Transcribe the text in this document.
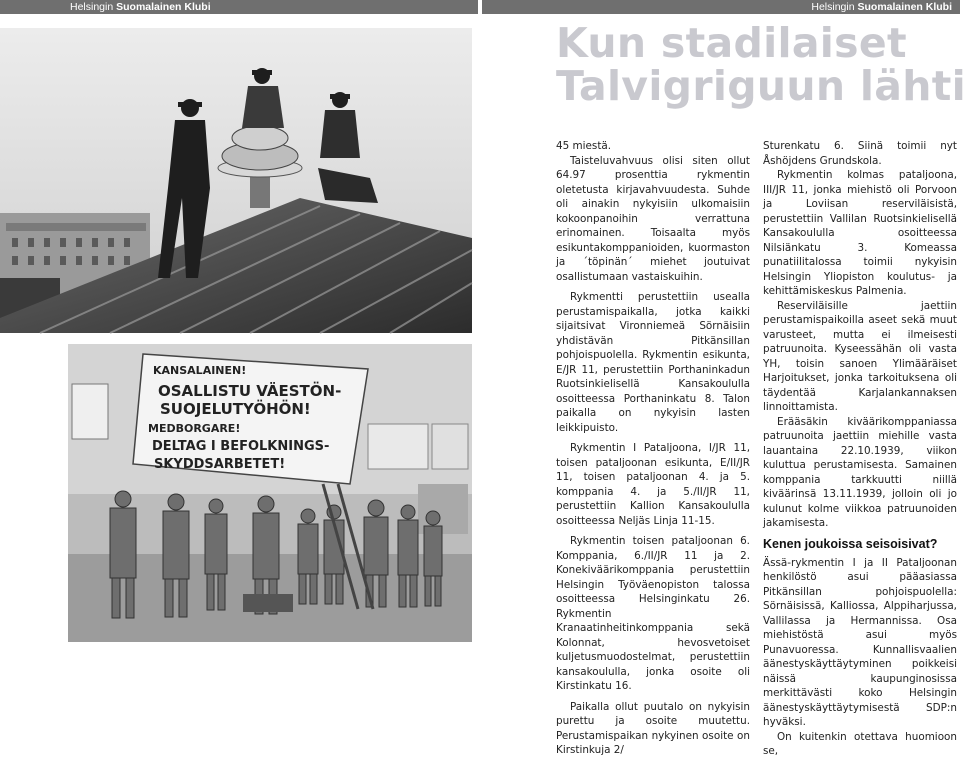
Helsingin Suomalainen Klubi	Helsingin Suomalainen Klubi
KANSALAINEN!
OSALLISTU VÄESTÖN-
SUOJELUTYÖHÖN!
MEDBORGARE!
DELTAG I BEFOLKNINGS-
SKYDDSARBETET!
Kun stadilaiset
Talvigriguun lähti

45 miestä.

Taisteluvahvuus olisi siten ollut 64.97 prosenttia rykmentin oletetusta kirjavahvuudesta. Suhde oli ainakin nykyisiin ulkomaisiin kokoonpanoihin verrattuna erinomainen. Toisaalta myös esikuntakomppanioiden, kuormaston ja ´töpinän´ miehet joutuivat osallistumaan vastaiskuihin.

Rykmentti perustettiin usealla perustamispaikalla, jotka kaikki sijaitsivat Vironniemeä Sörnäisiin yhdistävän Pitkänsillan pohjoispuolella. Rykmentin esikunta, E/JR 11, perustettiin Porthaninkadun Ruotsinkielisellä Kansakoululla osoitteessa Porthaninkatu 8. Talon paikalla on nykyisin lasten leikkipuisto.

Rykmentin I Pataljoona, I/JR 11, toisen pataljoonan esikunta, E/II/JR 11, toisen pataljoonan 4. ja 5. komppania 4. ja 5./II/JR 11, perustettiin Kallion Kansakoululla osoitteessa Neljäs Linja 11-15.

Rykmentin toisen pataljoonan 6. Komppania, 6./II/JR 11 ja 2. Konekiväärikomppania perustettiin Helsingin Työväenopiston talossa osoitteessa Helsinginkatu 26. Rykmentin Kranaatinheitinkomppania sekä Kolonnat, hevosvetoiset kuljetusmuodostelmat, perustettiin kansakoululla, jonka osoite oli Kirstinkatu 16.

Paikalla ollut puutalo on nykyisin purettu ja osoite muutettu. Perustamispaikan nykyinen osoite on Kirstinkuja 2/

Sturenkatu 6. Siinä toimii nyt Åshöjdens Grundskola.

Rykmentin kolmas pataljoona, III/JR 11, jonka miehistö oli Porvoon ja Loviisan reserviläisistä, perustettiin Vallilan Ruotsinkielisellä Kansakoululla osoitteessa Nilsiänkatu 3. Komeassa punatiilitalossa toimii nykyisin Helsingin Yliopiston koulutus- ja kehittämiskeskus Palmenia.

Reserviläisille jaettiin perustamispaikoilla aseet sekä muut varusteet, mutta ei ilmeisesti patruunoita. Kyseessähän oli vasta YH, toisin sanoen Ylimääräiset Harjoitukset, jonka tarkoituksena oli täydentää Karjalankannaksen linnoittamista.

Erääsäkin kiväärikomppaniassa patruunoita jaettiin miehille vasta lauantaina 22.10.1939, viikon kuluttua perustamisesta. Samainen komppania tarkkuutti niillä kiväärinsä 13.11.1939, jolloin oli jo kulunut kolme viikkoa patruunoiden jakamisesta.

Kenen joukoissa seisoisivat?

Ässä-rykmentin I ja II Pataljoonan henkilöstö asui pääasiassa Pitkänsillan pohjoispuolella: Sörnäisissä, Kalliossa, Alppiharjussa, Vallilassa ja Hermannissa. Osa miehistöstä asui myös Punavuoressa. Kunnallisvaalien äänestyskäyttäytyminen poikkeisi näissä kaupunginosissa merkittävästi koko Helsingin äänestyskäyttäytymisestä SDP:n hyväksi.

On kuitenkin otettava huomioon se,
